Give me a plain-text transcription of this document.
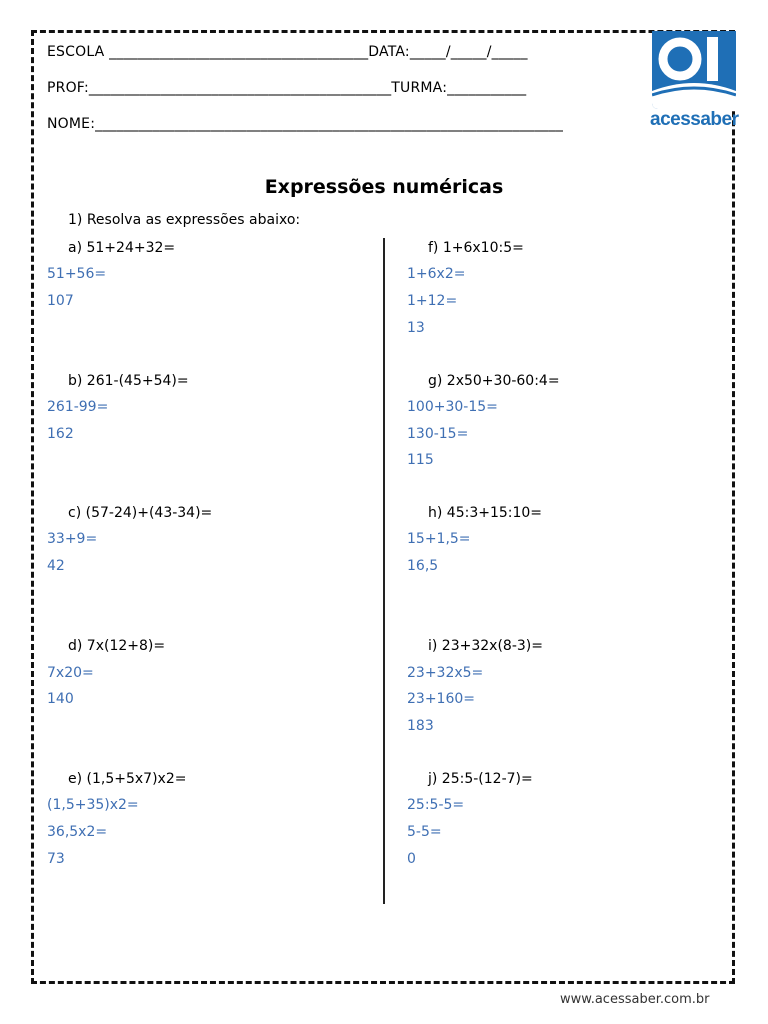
ESCOLA ____________________________________DATA:_____/_____/_____
PROF:__________________________________________TURMA:___________
NOME:_________________________________________________________________	acessaber
Expressões numéricas
1) Resolva as expressões abaixo:
a) 51+24+32=
51+56=
107
b) 261-(45+54)=
261-99=
162
c) (57-24)+(43-34)=
33+9=
42
d) 7x(12+8)=
7x20=
140
e) (1,5+5x7)x2=
(1,5+35)x2=
36,5x2=
73
f) 1+6x10:5=
1+6x2=
1+12=
13
g) 2x50+30-60:4=
100+30-15=
130-15=
115
h) 45:3+15:10=
15+1,5=
16,5
i) 23+32x(8-3)=
23+32x5=
23+160=
183
j) 25:5-(12-7)=
25:5-5=
5-5=
0
www.acessaber.com.br
